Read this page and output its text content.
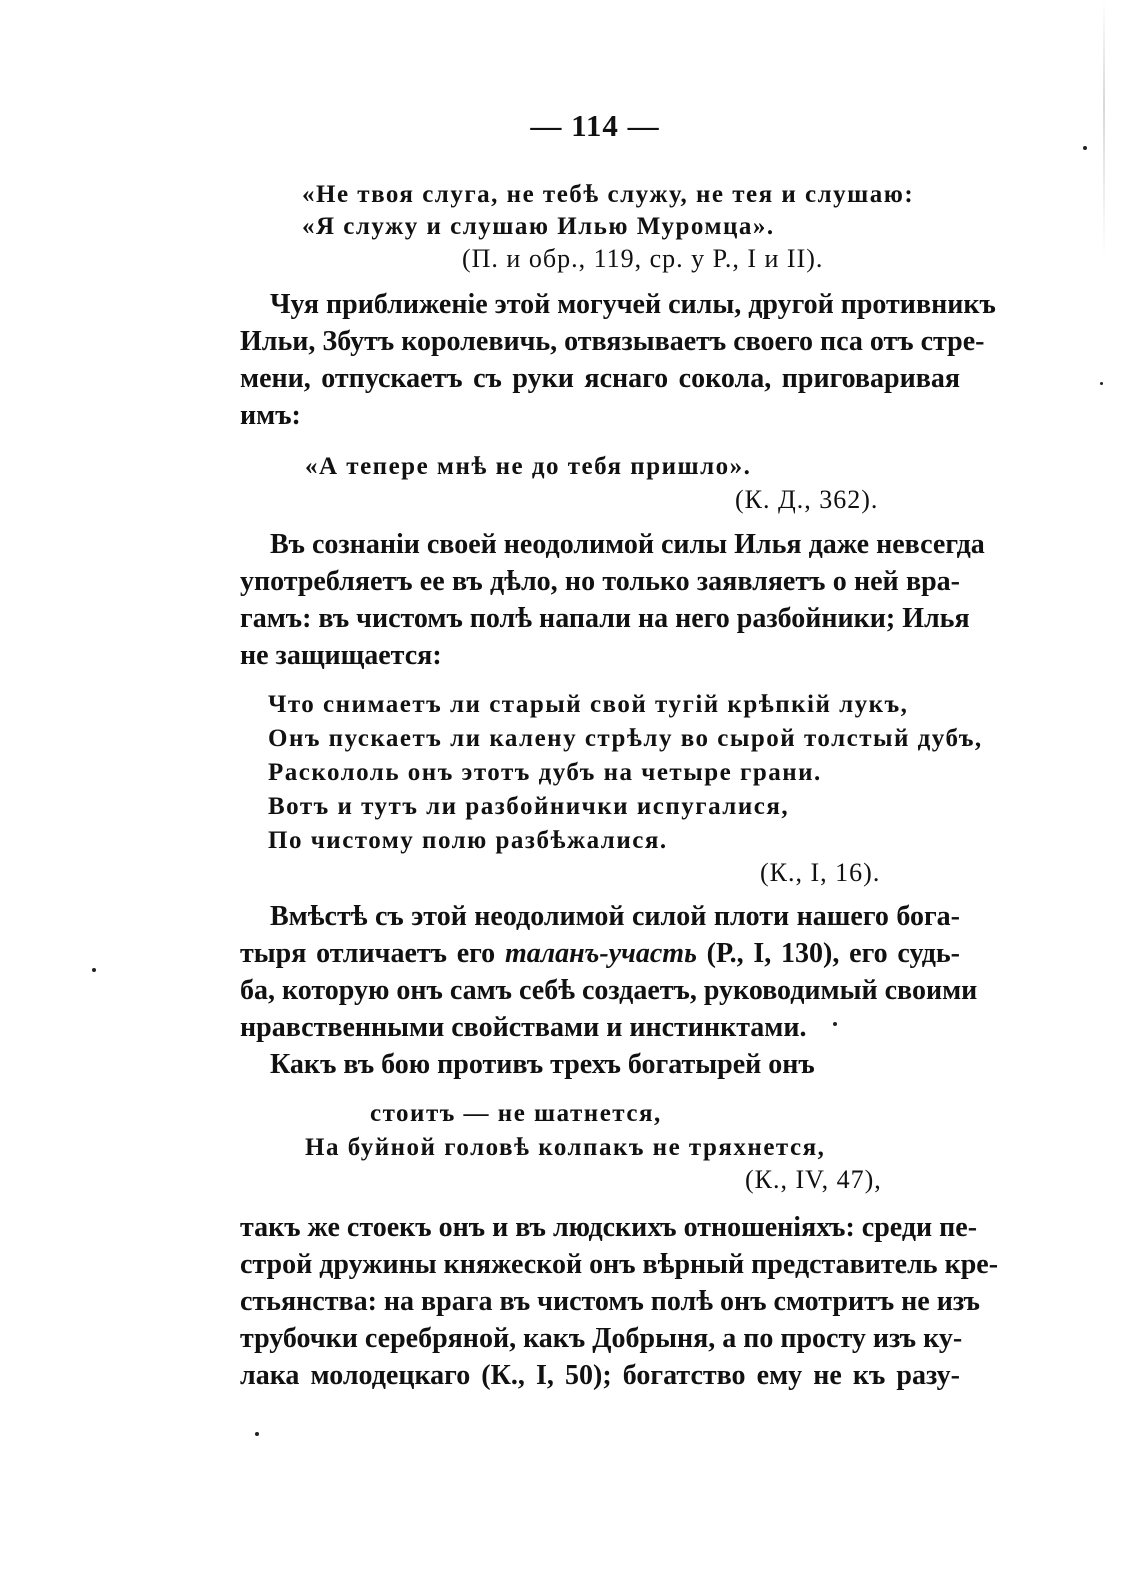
— 114 —
«Не твоя слуга, не тебѣ служу, не тея и слушаю:
«Я служу и слушаю Илью Муромца».
(П. и обр., 119, ср. у Р., I и II).
Чуя приближенiе этой могучей силы, другой противникъ
Ильи, Збутъ королевичь, отвязываетъ своего пса отъ стре-
мени, отпускаетъ съ руки яснаго сокола, приговаривая
имъ:
«А тепере мнѣ не до тебя пришло».
(К. Д., 362).
Въ сознанiи своей неодолимой силы Илья даже невсегда
употребляетъ ее въ дѣло, но только заявляетъ о ней вра-
гамъ: въ чистомъ полѣ напали на него разбойники; Илья
не защищается:
Что снимаетъ ли старый свой тугiй крѣпкiй лукъ,
Онъ пускаетъ ли калену стрѣлу во сырой толстый дубъ,
Раскололь онъ этотъ дубъ на четыре грани.
Вотъ и тутъ ли разбойнички испугалися,
По чистому полю разбѣжалися.
(К., I, 16).
Вмѣстѣ съ этой неодолимой силой плоти нашего бога-
тыря отличаетъ его таланъ-участь (Р., I, 130), его судь-
ба, которую онъ самъ себѣ создаетъ, руководимый своими
нравственными свойствами и инстинктами.
Какъ въ бою противъ трехъ богатырей онъ
стоитъ — не шатнется,
На буйной головѣ колпакъ не тряхнется,
(К., IV, 47),
такъ же стоекъ онъ и въ людскихъ отношенiяхъ: среди пе-
строй дружины княжеской онъ вѣрный представитель кре-
стьянства: на врага въ чистомъ полѣ онъ смотритъ не изъ
трубочки серебряной, какъ Добрыня, а по просту изъ ку-
лака молодецкаго (К., I, 50); богатство ему не къ разу-
